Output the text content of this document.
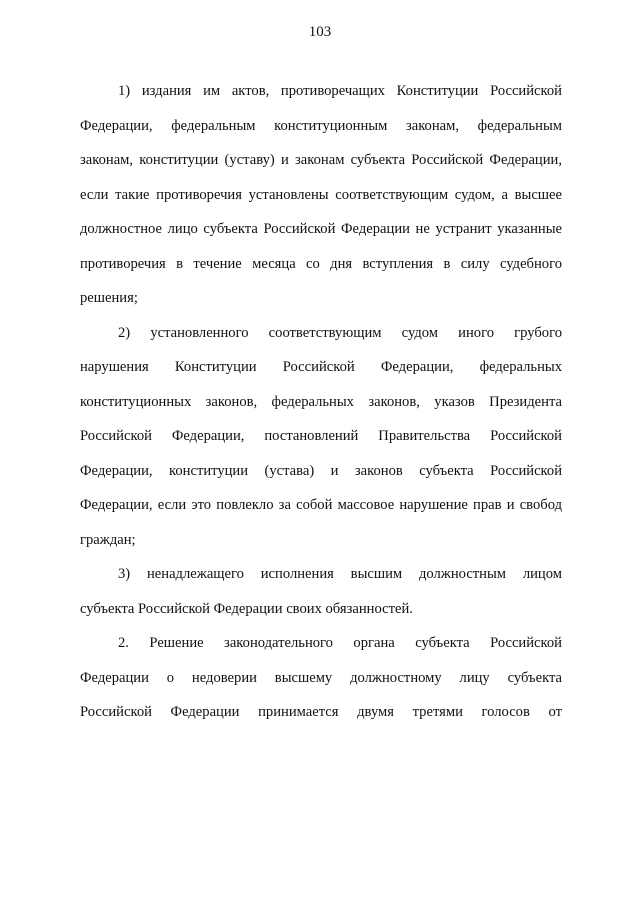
103
1) издания им актов, противоречащих Конституции Российской
Федерации, федеральным конституционным законам, федеральным
законам, конституции (уставу) и законам субъекта Российской Федерации,
если такие противоречия установлены соответствующим судом, а высшее
должностное лицо субъекта Российской Федерации не устранит указанные
противоречия в течение месяца со дня вступления в силу судебного
решения;
2) установленного соответствующим судом иного грубого
нарушения Конституции Российской Федерации, федеральных
конституционных законов, федеральных законов, указов Президента
Российской Федерации, постановлений Правительства Российской
Федерации, конституции (устава) и законов субъекта Российской
Федерации, если это повлекло за собой массовое нарушение прав и свобод
граждан;
3) ненадлежащего исполнения высшим должностным лицом
субъекта Российской Федерации своих обязанностей.
2. Решение законодательного органа субъекта Российской
Федерации о недоверии высшему должностному лицу субъекта
Российской Федерации принимается двумя третями голосов от
